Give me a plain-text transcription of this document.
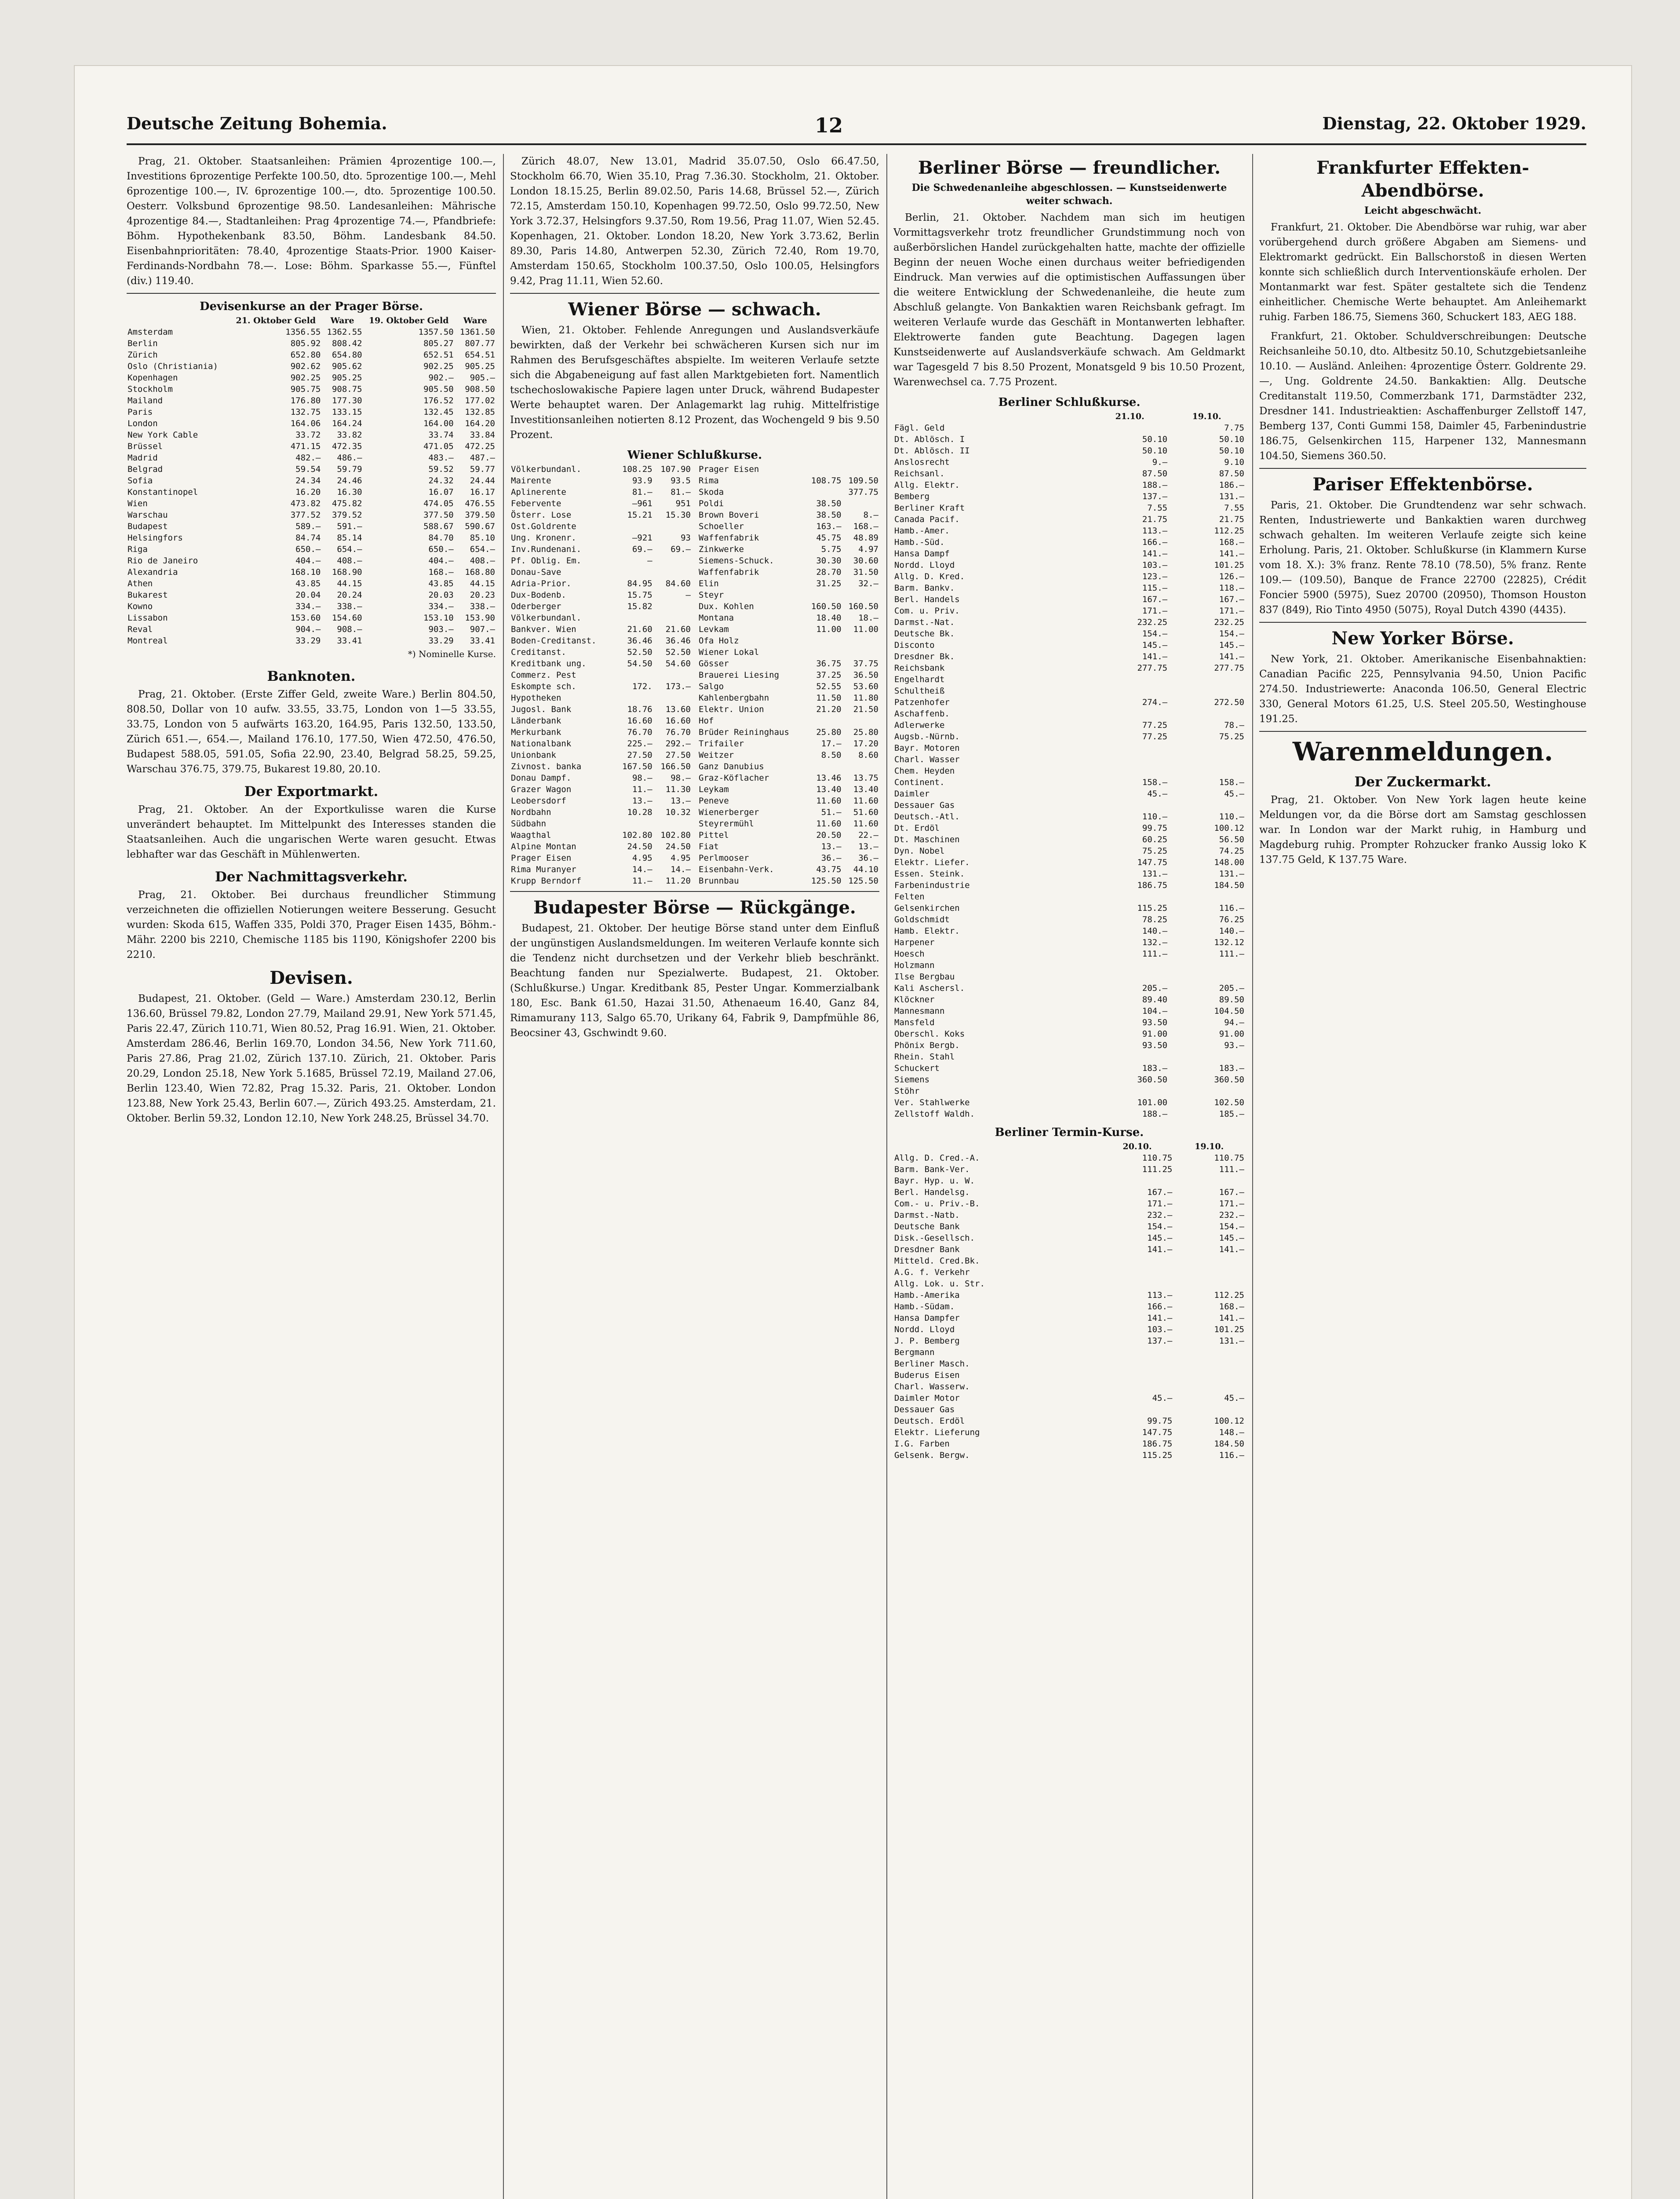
Deutsche Zeitung Bohemia.	12	Dienstag, 22. Oktober 1929.

Prag, 21. Oktober. Staatsanleihen: Prämien 4prozentige 100.—, Investitions 6prozentige Perfekte 100.50, dto. 5prozentige 100.—, Mehl 6prozentige 100.—, IV. 6prozentige 100.—, dto. 5prozentige 100.50. Oesterr. Volksbund 6prozentige 98.50. Landesanleihen: Mährische 4prozentige 84.—, Stadtanleihen: Prag 4prozentige 74.—, Pfandbriefe: Böhm. Hypothekenbank 83.50, Böhm. Landesbank 84.50. Eisenbahnprioritäten: 78.40, 4prozentige Staats-Prior. 1900 Kaiser-Ferdinands-Nordbahn 78.—. Lose: Böhm. Sparkasse 55.—, Fünftel (div.) 119.40.

Devisenkurse an der Prager Börse.
	21. Oktober Geld	Ware	19. Oktober Geld	Ware
Amsterdam	1356.55	1362.55	1357.50	1361.50
Berlin	805.92	808.42	805.27	807.77
Zürich	652.80	654.80	652.51	654.51
Oslo (Christiania)	902.62	905.62	902.25	905.25
Kopenhagen	902.25	905.25	902.—	905.—
Stockholm	905.75	908.75	905.50	908.50
Mailand	176.80	177.30	176.52	177.02
Paris	132.75	133.15	132.45	132.85
London	164.06	164.24	164.00	164.20
New York Cable	33.72	33.82	33.74	33.84
Brüssel	471.15	472.35	471.05	472.25
Madrid	482.—	486.—	483.—	487.—
Belgrad	59.54	59.79	59.52	59.77
Sofia	24.34	24.46	24.32	24.44
Konstantinopel	16.20	16.30	16.07	16.17
Wien	473.82	475.82	474.05	476.55
Warschau	377.52	379.52	377.50	379.50
Budapest	589.—	591.—	588.67	590.67
Helsingfors	84.74	85.14	84.70	85.10
Riga	650.—	654.—	650.—	654.—
Rio de Janeiro	404.—	408.—	404.—	408.—
Alexandria	168.10	168.90	168.—	168.80
Athen	43.85	44.15	43.85	44.15
Bukarest	20.04	20.24	20.03	20.23
Kowno	334.—	338.—	334.—	338.—
Lissabon	153.60	154.60	153.10	153.90
Reval	904.—	908.—	903.—	907.—
Montreal	33.29	33.41	33.29	33.41
*) Nominelle Kurse.
Banknoten.

Prag, 21. Oktober. (Erste Ziffer Geld, zweite Ware.) Berlin 804.50, 808.50, Dollar von 10 aufw. 33.55, 33.75, London von 1—5 33.55, 33.75, London von 5 aufwärts 163.20, 164.95, Paris 132.50, 133.50, Zürich 651.—, 654.—, Mailand 176.10, 177.50, Wien 472.50, 476.50, Budapest 588.05, 591.05, Sofia 22.90, 23.40, Belgrad 58.25, 59.25, Warschau 376.75, 379.75, Bukarest 19.80, 20.10.

Der Exportmarkt.

Prag, 21. Oktober. An der Exportkulisse waren die Kurse unverändert behauptet. Im Mittelpunkt des Interesses standen die Staatsanleihen. Auch die ungarischen Werte waren gesucht. Etwas lebhafter war das Geschäft in Mühlenwerten.

Der Nachmittagsverkehr.

Prag, 21. Oktober. Bei durchaus freundlicher Stimmung verzeichneten die offiziellen Notierungen weitere Besserung. Gesucht wurden: Skoda 615, Waffen 335, Poldi 370, Prager Eisen 1435, Böhm.-Mähr. 2200 bis 2210, Chemische 1185 bis 1190, Königshofer 2200 bis 2210.

Devisen.

Budapest, 21. Oktober. (Geld — Ware.) Amsterdam 230.12, Berlin 136.60, Brüssel 79.82, London 27.79, Mailand 29.91, New York 571.45, Paris 22.47, Zürich 110.71, Wien 80.52, Prag 16.91. Wien, 21. Oktober. Amsterdam 286.46, Berlin 169.70, London 34.56, New York 711.60, Paris 27.86, Prag 21.02, Zürich 137.10. Zürich, 21. Oktober. Paris 20.29, London 25.18, New York 5.1685, Brüssel 72.19, Mailand 27.06, Berlin 123.40, Wien 72.82, Prag 15.32. Paris, 21. Oktober. London 123.88, New York 25.43, Berlin 607.—, Zürich 493.25. Amsterdam, 21. Oktober. Berlin 59.32, London 12.10, New York 248.25, Brüssel 34.70.

Zürich 48.07, New 13.01, Madrid 35.07.50, Oslo 66.47.50, Stockholm 66.70, Wien 35.10, Prag 7.36.30. Stockholm, 21. Oktober. London 18.15.25, Berlin 89.02.50, Paris 14.68, Brüssel 52.—, Zürich 72.15, Amsterdam 150.10, Kopenhagen 99.72.50, Oslo 99.72.50, New York 3.72.37, Helsingfors 9.37.50, Rom 19.56, Prag 11.07, Wien 52.45. Kopenhagen, 21. Oktober. London 18.20, New York 3.73.62, Berlin 89.30, Paris 14.80, Antwerpen 52.30, Zürich 72.40, Rom 19.70, Amsterdam 150.65, Stockholm 100.37.50, Oslo 100.05, Helsingfors 9.42, Prag 11.11, Wien 52.60.

Wiener Börse — schwach.

Wien, 21. Oktober. Fehlende Anregungen und Auslandsverkäufe bewirkten, daß der Verkehr bei schwächeren Kursen sich nur im Rahmen des Berufsgeschäftes abspielte. Im weiteren Verlaufe setzte sich die Abgabeneigung auf fast allen Marktgebieten fort. Namentlich tschechoslowakische Papiere lagen unter Druck, während Budapester Werte behauptet waren. Der Anlagemarkt lag ruhig. Mittelfristige Investitionsanleihen notierten 8.12 Prozent, das Wochengeld 9 bis 9.50 Prozent.

Wiener Schlußkurse.
Völkerbundanl.	108.25	107.90
Mairente	93.9	93.5
Aplinerente	81.—	81.—
Febervente	—961	951
Österr. Lose	15.21	15.30
Ost.Goldrente		
Ung. Kronenr.	—921	93
Inv.Rundenani.	69.—	69.—
Pf. Oblig. Em.	—	
Donau-Save		
Adria-Prior.	84.95	84.60
Dux-Bodenb.	15.75	—
Oderberger	15.82	
Völkerbundanl.		
Bankver. Wien	21.60	21.60
Boden-Creditanst.	36.46	36.46
Creditanst.	52.50	52.50
Kreditbank ung.	54.50	54.60
Commerz. Pest		
Eskompte sch.	172.	173.—
Hypotheken		
Jugosl. Bank	18.76	13.60
Länderbank	16.60	16.60
Merkurbank	76.70	76.70
Nationalbank	225.—	292.—
Unionbank	27.50	27.50
Zivnost. banka	167.50	166.50
Donau Dampf.	98.—	98.—
Grazer Wagon	11.—	11.30
Leobersdorf	13.—	13.—
Nordbahn	10.28	10.32
Südbahn		
Waagthal	102.80	102.80
Alpine Montan	24.50	24.50
Prager Eisen	4.95	4.95
Rima Muranyer	14.—	14.—
Krupp Berndorf	11.—	11.20
Prager Eisen		
Rima	108.75	109.50
Skoda		377.75
Poldi	38.50	
Brown Boveri	38.50	8.—
Schoeller	163.—	168.—
Waffenfabrik	45.75	48.89
Zinkwerke	5.75	4.97
Siemens-Schuck.	30.30	30.60
Waffenfabrik	28.70	31.50
Elin	31.25	32.—
Steyr		
Dux. Kohlen	160.50	160.50
Montana	18.40	18.—
Levkam	11.00	11.00
Ofa Holz		
Wiener Lokal		
Gösser	36.75	37.75
Brauerei Liesing	37.25	36.50
Salgo	52.55	53.60
Kahlenbergbahn	11.50	11.80
Elektr. Union	21.20	21.50
Hof		
Brüder Reininghaus	25.80	25.80
Trifailer	17.—	17.20
Weitzer	8.50	8.60
Ganz Danubius		
Graz-Köflacher	13.46	13.75
Leykam	13.40	13.40
Peneve	11.60	11.60
Wienerberger	51.—	51.60
Steyrermühl	11.60	11.60
Pittel	20.50	22.—
Fiat	13.—	13.—
Perlmooser	36.—	36.—
Eisenbahn-Verk.	43.75	44.10
Brunnbau	125.50	125.50
Budapester Börse — Rückgänge.

Budapest, 21. Oktober. Der heutige Börse stand unter dem Einfluß der ungünstigen Auslandsmeldungen. Im weiteren Verlaufe konnte sich die Tendenz nicht durchsetzen und der Verkehr blieb beschränkt. Beachtung fanden nur Spezialwerte. Budapest, 21. Oktober. (Schlußkurse.) Ungar. Kreditbank 85, Pester Ungar. Kommerzialbank 180, Esc. Bank 61.50, Hazai 31.50, Athenaeum 16.40, Ganz 84, Rimamurany 113, Salgo 65.70, Urikany 64, Fabrik 9, Dampfmühle 86, Beocsiner 43, Gschwindt 9.60.

Berliner Börse — freundlicher.
Die Schwedenanleihe abgeschlossen. — Kunstseidenwerte weiter schwach.

Berlin, 21. Oktober. Nachdem man sich im heutigen Vormittagsverkehr trotz freundlicher Grundstimmung noch von außerbörslichen Handel zurückgehalten hatte, machte der offizielle Beginn der neuen Woche einen durchaus weiter befriedigenden Eindruck. Man verwies auf die optimistischen Auffassungen über die weitere Entwicklung der Schwedenanleihe, die heute zum Abschluß gelangte. Von Bankaktien waren Reichsbank gefragt. Im weiteren Verlaufe wurde das Geschäft in Montanwerten lebhafter. Elektrowerte fanden gute Beachtung. Dagegen lagen Kunstseidenwerte auf Auslandsverkäufe schwach. Am Geldmarkt war Tagesgeld 7 bis 8.50 Prozent, Monatsgeld 9 bis 10.50 Prozent, Warenwechsel ca. 7.75 Prozent.

Berliner Schlußkurse.
	21.10.	19.10.
Fägl. Geld		7.75
Dt. Ablösch. I	50.10	50.10
Dt. Ablösch. II	50.10	50.10
Anslosrecht	9.—	9.10
Reichsanl.	87.50	87.50
Allg. Elektr.	188.—	186.—
Bemberg	137.—	131.—
Berliner Kraft	7.55	7.55
Canada Pacif.	21.75	21.75
Hamb.-Amer.	113.—	112.25
Hamb.-Süd.	166.—	168.—
Hansa Dampf	141.—	141.—
Nordd. Lloyd	103.—	101.25
Allg. D. Kred.	123.—	126.—
Barm. Bankv.	115.—	118.—
Berl. Handels	167.—	167.—
Com. u. Priv.	171.—	171.—
Darmst.-Nat.	232.25	232.25
Deutsche Bk.	154.—	154.—
Disconto	145.—	145.—
Dresdner Bk.	141.—	141.—
Reichsbank	277.75	277.75
Engelhardt		
Schultheiß		
Patzenhofer	274.—	272.50
Aschaffenb.		
Adlerwerke	77.25	78.—
Augsb.-Nürnb.	77.25	75.25
Bayr. Motoren		
Charl. Wasser		
Chem. Heyden		
Continent.	158.—	158.—
Daimler	45.—	45.—
Dessauer Gas		
Deutsch.-Atl.	110.—	110.—
Dt. Erdöl	99.75	100.12
Dt. Maschinen	60.25	56.50
Dyn. Nobel	75.25	74.25
Elektr. Liefer.	147.75	148.00
Essen. Steink.	131.—	131.—
Farbenindustrie	186.75	184.50
Felten		
Gelsenkirchen	115.25	116.—
Goldschmidt	78.25	76.25
Hamb. Elektr.	140.—	140.—
Harpener	132.—	132.12
Hoesch	111.—	111.—
Holzmann		
Ilse Bergbau		
Kali Aschersl.	205.—	205.—
Klöckner	89.40	89.50
Mannesmann	104.—	104.50
Mansfeld	93.50	94.—
Oberschl. Koks	91.00	91.00
Phönix Bergb.	93.50	93.—
Rhein. Stahl		
Schuckert	183.—	183.—
Siemens	360.50	360.50
Stöhr		
Ver. Stahlwerke	101.00	102.50
Zellstoff Waldh.	188.—	185.—
Berliner Termin-Kurse.
	20.10.	19.10.
Allg. D. Cred.-A.	110.75	110.75
Barm. Bank-Ver.	111.25	111.—
Bayr. Hyp. u. W.		
Berl. Handelsg.	167.—	167.—
Com.- u. Priv.-B.	171.—	171.—
Darmst.-Natb.	232.—	232.—
Deutsche Bank	154.—	154.—
Disk.-Gesellsch.	145.—	145.—
Dresdner Bank	141.—	141.—
Mitteld. Cred.Bk.		
A.G. f. Verkehr		
Allg. Lok. u. Str.		
Hamb.-Amerika	113.—	112.25
Hamb.-Südam.	166.—	168.—
Hansa Dampfer	141.—	141.—
Nordd. Lloyd	103.—	101.25
J. P. Bemberg	137.—	131.—
Bergmann		
Berliner Masch.		
Buderus Eisen		
Charl. Wasserw.		
Daimler Motor	45.—	45.—
Dessauer Gas		
Deutsch. Erdöl	99.75	100.12
Elektr. Lieferung	147.75	148.—
I.G. Farben	186.75	184.50
Gelsenk. Bergw.	115.25	116.—
Frankfurter Effekten-Abendbörse.
Leicht abgeschwächt.

Frankfurt, 21. Oktober. Die Abendbörse war ruhig, war aber vorübergehend durch größere Abgaben am Siemens- und Elektromarkt gedrückt. Ein Ballschorstoß in diesen Werten konnte sich schließlich durch Interventionskäufe erholen. Der Montanmarkt war fest. Später gestaltete sich die Tendenz einheitlicher. Chemische Werte behauptet. Am Anleihemarkt ruhig. Farben 186.75, Siemens 360, Schuckert 183, AEG 188.

Frankfurt, 21. Oktober. Schuldverschreibungen: Deutsche Reichsanleihe 50.10, dto. Altbesitz 50.10, Schutzgebietsanleihe 10.10. — Ausländ. Anleihen: 4prozentige Österr. Goldrente 29.—, Ung. Goldrente 24.50. Bankaktien: Allg. Deutsche Creditanstalt 119.50, Commerzbank 171, Darmstädter 232, Dresdner 141. Industrieaktien: Aschaffenburger Zellstoff 147, Bemberg 137, Conti Gummi 158, Daimler 45, Farbenindustrie 186.75, Gelsenkirchen 115, Harpener 132, Mannesmann 104.50, Siemens 360.50.

Pariser Effektenbörse.

Paris, 21. Oktober. Die Grundtendenz war sehr schwach. Renten, Industriewerte und Bankaktien waren durchweg schwach gehalten. Im weiteren Verlaufe zeigte sich keine Erholung. Paris, 21. Oktober. Schlußkurse (in Klammern Kurse vom 18. X.): 3% franz. Rente 78.10 (78.50), 5% franz. Rente 109.— (109.50), Banque de France 22700 (22825), Crédit Foncier 5900 (5975), Suez 20700 (20950), Thomson Houston 837 (849), Rio Tinto 4950 (5075), Royal Dutch 4390 (4435).

New Yorker Börse.

New York, 21. Oktober. Amerikanische Eisenbahnaktien: Canadian Pacific 225, Pennsylvania 94.50, Union Pacific 274.50. Industriewerte: Anaconda 106.50, General Electric 330, General Motors 61.25, U.S. Steel 205.50, Westinghouse 191.25.

Warenmeldungen.
Der Zuckermarkt.

Prag, 21. Oktober. Von New York lagen heute keine Meldungen vor, da die Börse dort am Samstag geschlossen war. In London war der Markt ruhig, in Hamburg und Magdeburg ruhig. Prompter Rohzucker franko Aussig loko K 137.75 Geld, K 137.75 Ware.
